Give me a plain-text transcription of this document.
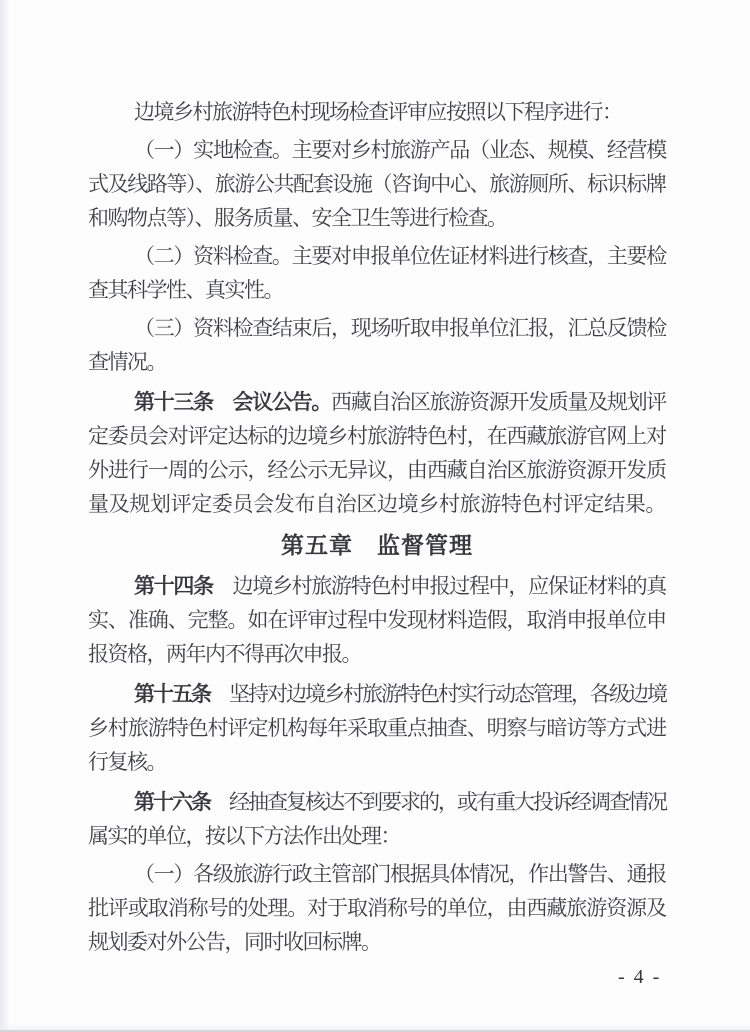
边境乡村旅游特色村现场检查评审应按照以下程序进行：
（一）实地检查。主要对乡村旅游产品（业态、规模、经营模
式及线路等）、旅游公共配套设施（咨询中心、旅游厕所、标识标牌
和购物点等）、服务质量、安全卫生等进行检查。
（二）资料检查。主要对申报单位佐证材料进行核查，主要检
查其科学性、真实性。
（三）资料检查结束后，现场听取申报单位汇报，汇总反馈检
查情况。
第十三条　会议公告。西藏自治区旅游资源开发质量及规划评
定委员会对评定达标的边境乡村旅游特色村，在西藏旅游官网上对
外进行一周的公示，经公示无异议，由西藏自治区旅游资源开发质
量及规划评定委员会发布自治区边境乡村旅游特色村评定结果。
第五章　监督管理
第十四条　边境乡村旅游特色村申报过程中，应保证材料的真
实、准确、完整。如在评审过程中发现材料造假，取消申报单位申
报资格，两年内不得再次申报。
第十五条　坚持对边境乡村旅游特色村实行动态管理，各级边境
乡村旅游特色村评定机构每年采取重点抽查、明察与暗访等方式进
行复核。
第十六条　经抽查复核达不到要求的，或有重大投诉经调查情况
属实的单位，按以下方法作出处理：
（一）各级旅游行政主管部门根据具体情况，作出警告、通报
批评或取消称号的处理。对于取消称号的单位，由西藏旅游资源及
规划委对外公告，同时收回标牌。
- 4 -
